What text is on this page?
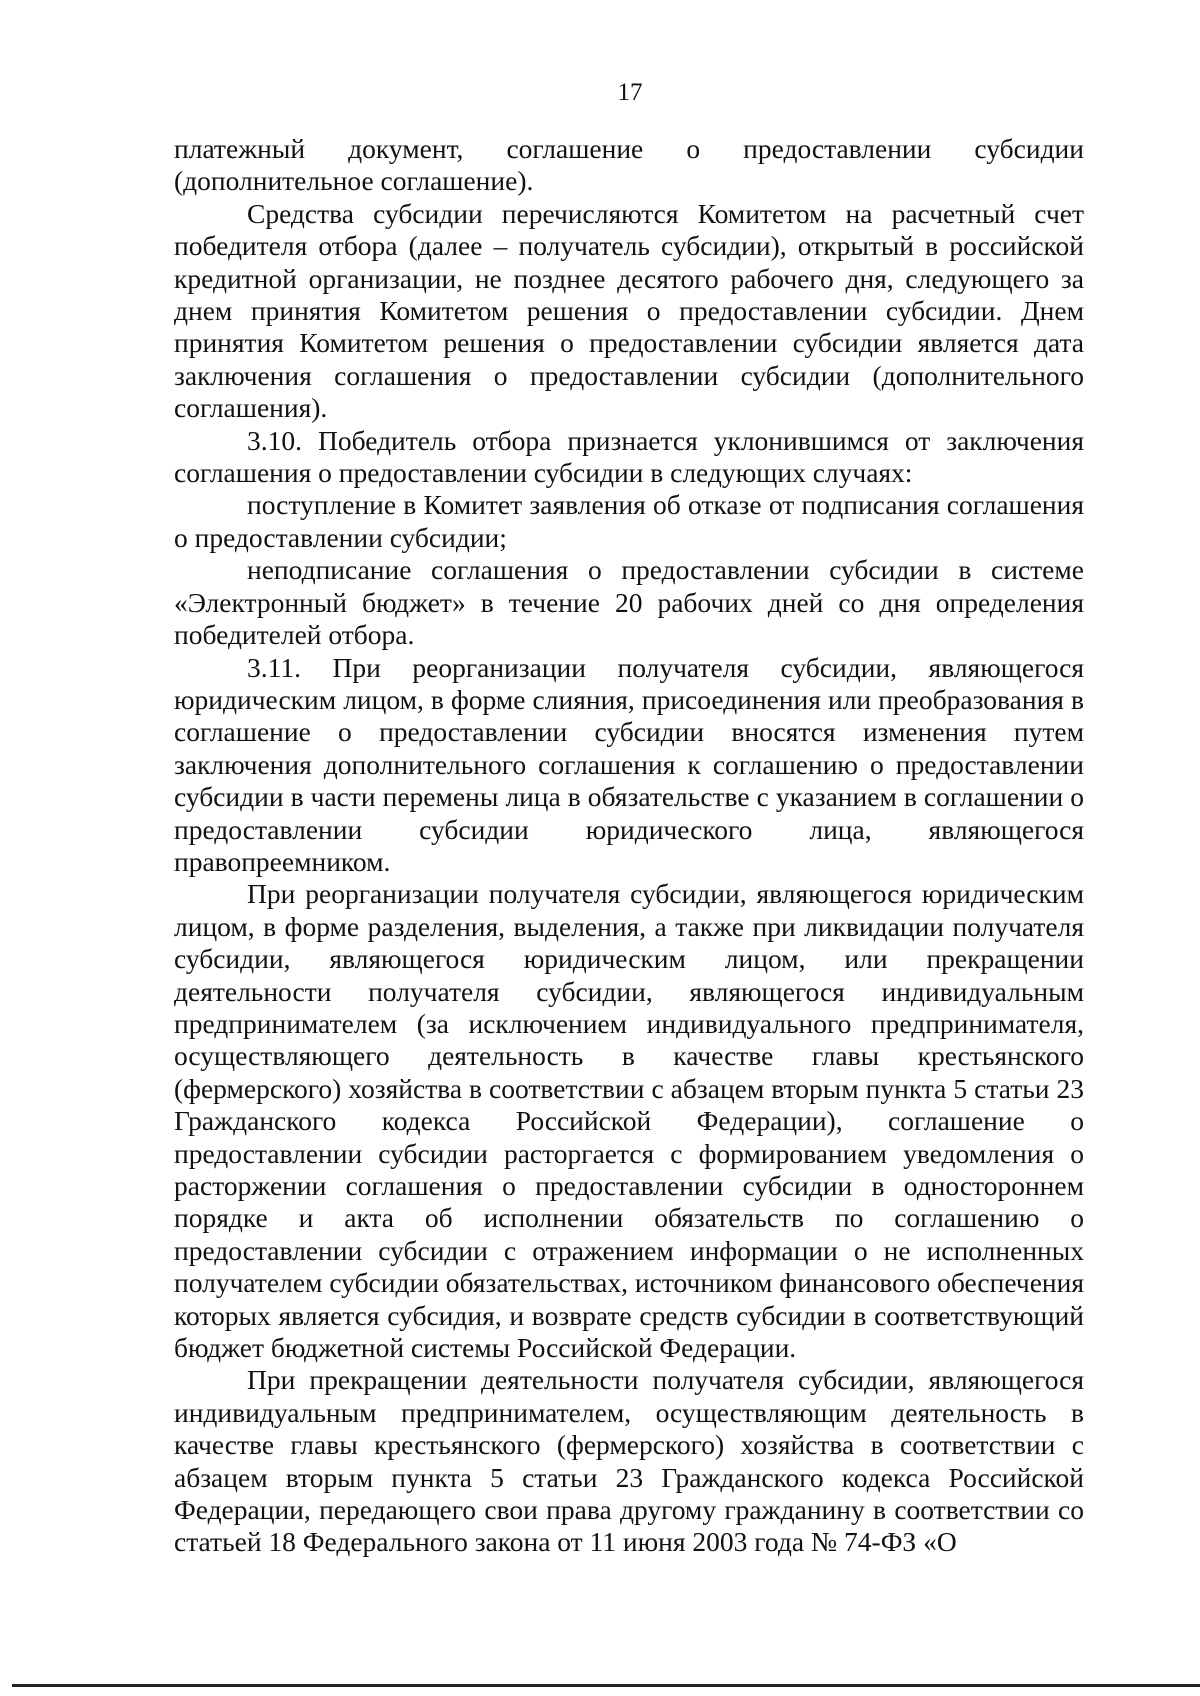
17

платежный документ, соглашение о предоставлении субсидии (дополнительное соглашение).

Средства субсидии перечисляются Комитетом на расчетный счет победителя отбора (далее – получатель субсидии), открытый в российской кредитной организации, не позднее десятого рабочего дня, следующего за днем принятия Комитетом решения о предоставлении субсидии. Днем принятия Комитетом решения о предоставлении субсидии является дата заключения соглашения о предоставлении субсидии (дополнительного соглашения).

3.10. Победитель отбора признается уклонившимся от заключения соглашения о предоставлении субсидии в следующих случаях:

поступление в Комитет заявления об отказе от подписания соглашения о предоставлении субсидии;

неподписание соглашения о предоставлении субсидии в системе «Электронный бюджет» в течение 20 рабочих дней со дня определения победителей отбора.

3.11. При реорганизации получателя субсидии, являющегося юридическим лицом, в форме слияния, присоединения или преобразования в соглашение о предоставлении субсидии вносятся изменения путем заключения дополнительного соглашения к соглашению о предоставлении субсидии в части перемены лица в обязательстве с указанием в соглашении о предоставлении субсидии юридического лица, являющегося правопреемником.

При реорганизации получателя субсидии, являющегося юридическим лицом, в форме разделения, выделения, а также при ликвидации получателя субсидии, являющегося юридическим лицом, или прекращении деятельности получателя субсидии, являющегося индивидуальным предпринимателем (за исключением индивидуального предпринимателя, осуществляющего деятельность в качестве главы крестьянского (фермерского) хозяйства в соответствии с абзацем вторым пункта 5 статьи 23 Гражданского кодекса Российской Федерации), соглашение о предоставлении субсидии расторгается с формированием уведомления о расторжении соглашения о предоставлении субсидии в одностороннем порядке и акта об исполнении обязательств по соглашению о предоставлении субсидии с отражением информации о не исполненных получателем субсидии обязательствах, источником финансового обеспечения которых является субсидия, и возврате средств субсидии в соответствующий бюджет бюджетной системы Российской Федерации.

При прекращении деятельности получателя субсидии, являющегося индивидуальным предпринимателем, осуществляющим деятельность в качестве главы крестьянского (фермерского) хозяйства в соответствии с абзацем вторым пункта 5 статьи 23 Гражданского кодекса Российской Федерации, передающего свои права другому гражданину в соответствии со статьей 18 Федерального закона от 11 июня 2003 года № 74-ФЗ «О
